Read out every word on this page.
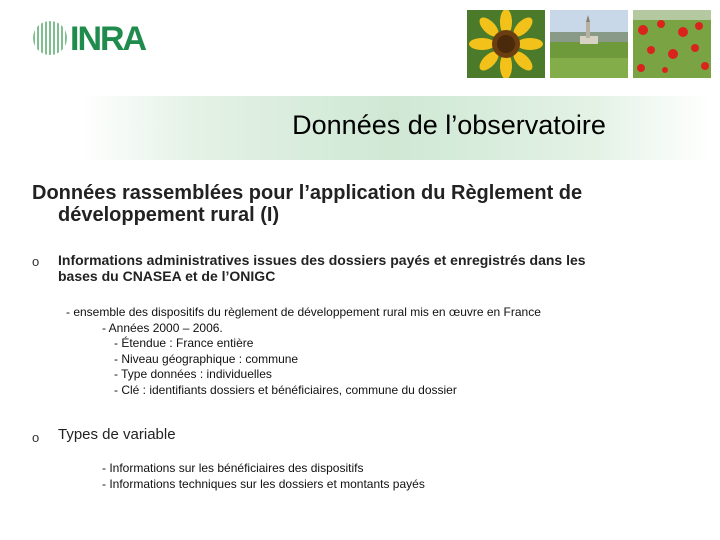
INRA
Données de l’observatoire
Données rassemblées pour l’application du Règlement de
développement rural (I)
o Informations administratives issues des dossiers payés et enregistrés dans les
bases du CNASEA et de l’ONIGC
- ensemble des dispositifs du règlement de développement rural mis en œuvre en France
- Années 2000 – 2006.
- Étendue : France entière
- Niveau géographique : commune
- Type données : individuelles
- Clé : identifiants dossiers et bénéficiaires, commune du dossier
o Types de variable
- Informations sur les bénéficiaires des dispositifs
- Informations techniques sur les dossiers et montants payés
